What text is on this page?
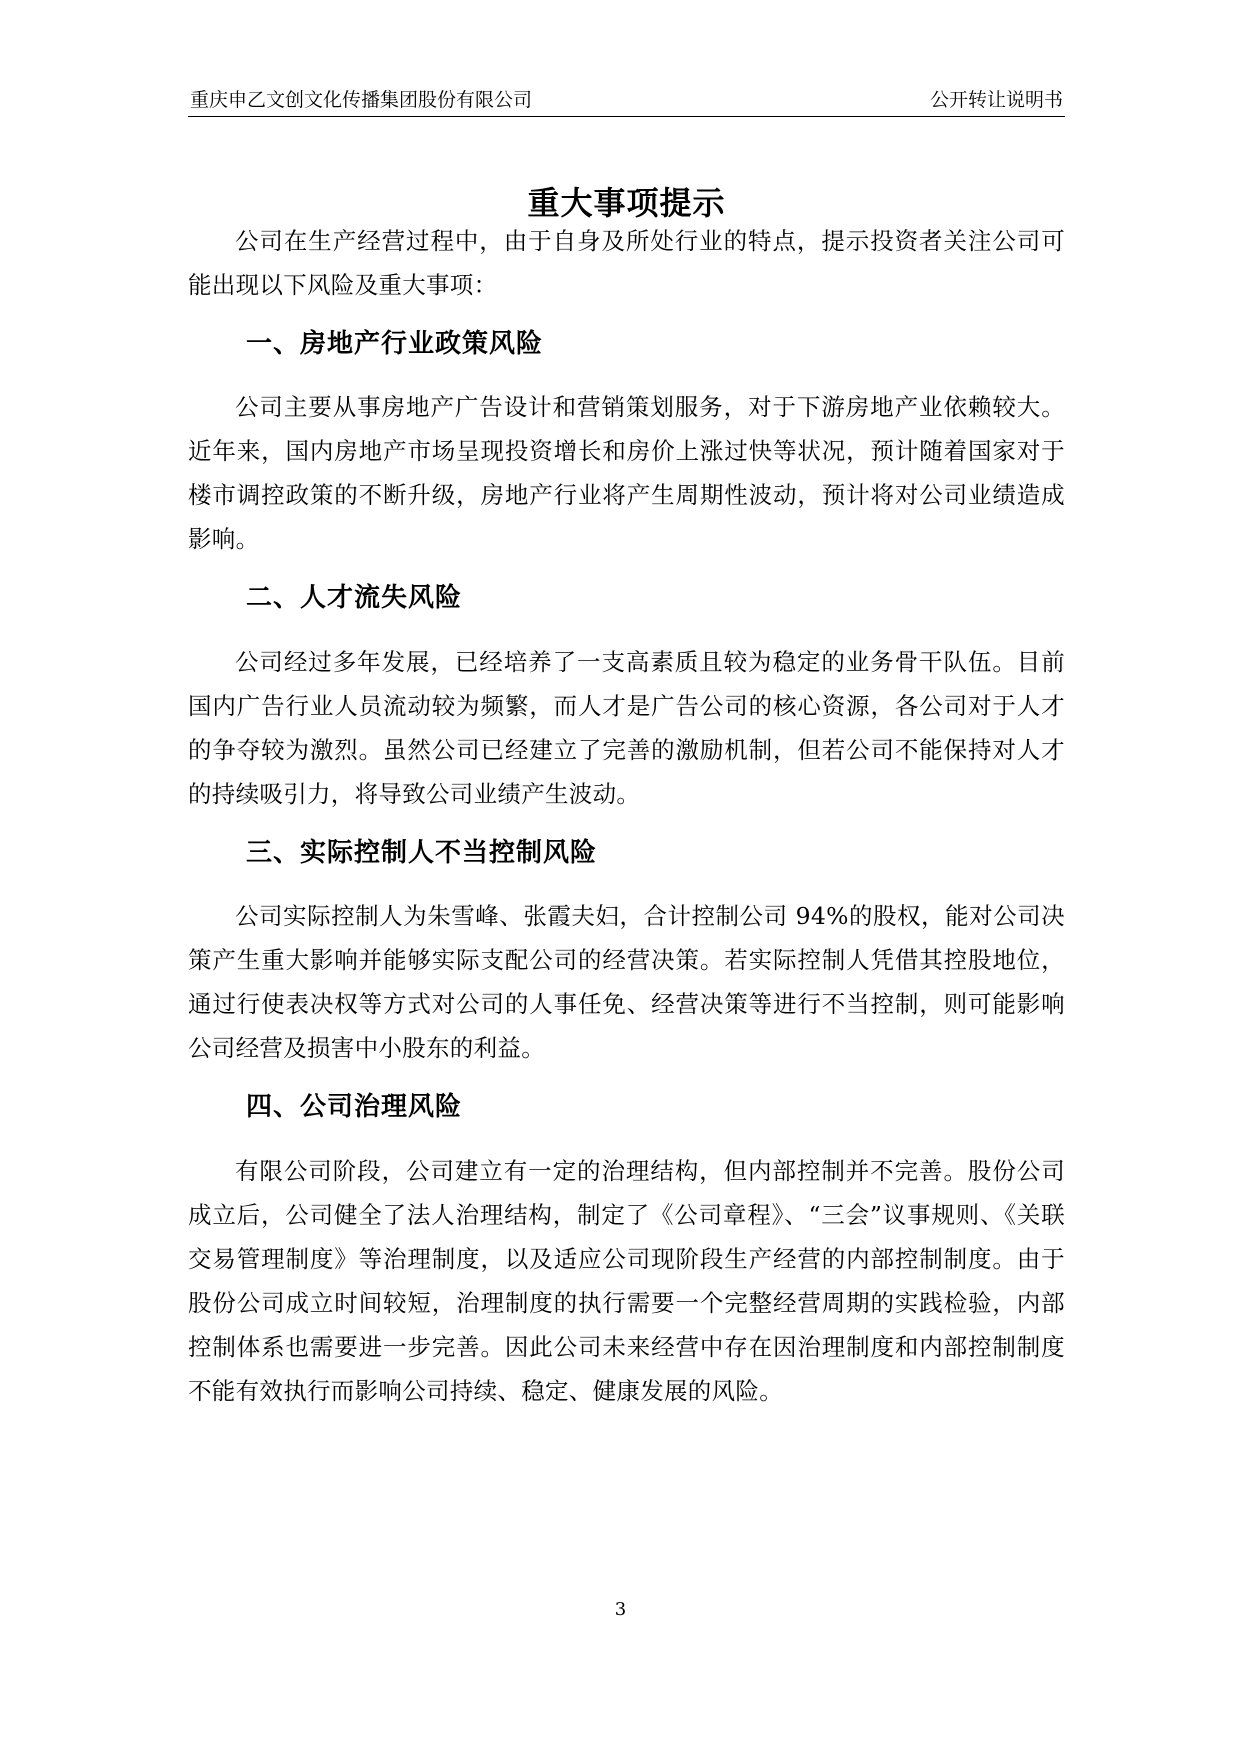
重庆申乙文创文化传播集团股份有限公司	公开转让说明书
重大事项提示

公司在生产经营过程中，由于自身及所处行业的特点，提示投资者关注公司可能出现以下风险及重大事项：

一、房地产行业政策风险

公司主要从事房地产广告设计和营销策划服务，对于下游房地产业依赖较大。近年来，国内房地产市场呈现投资增长和房价上涨过快等状况，预计随着国家对于楼市调控政策的不断升级，房地产行业将产生周期性波动，预计将对公司业绩造成影响。

二、人才流失风险

公司经过多年发展，已经培养了一支高素质且较为稳定的业务骨干队伍。目前国内广告行业人员流动较为频繁，而人才是广告公司的核心资源，各公司对于人才的争夺较为激烈。虽然公司已经建立了完善的激励机制，但若公司不能保持对人才的持续吸引力，将导致公司业绩产生波动。

三、实际控制人不当控制风险

公司实际控制人为朱雪峰、张霞夫妇，合计控制公司 94%的股权，能对公司决策产生重大影响并能够实际支配公司的经营决策。若实际控制人凭借其控股地位，通过行使表决权等方式对公司的人事任免、经营决策等进行不当控制，则可能影响公司经营及损害中小股东的利益。

四、公司治理风险

有限公司阶段，公司建立有一定的治理结构，但内部控制并不完善。股份公司成立后，公司健全了法人治理结构，制定了《公司章程》、“三会”议事规则、《关联交易管理制度》等治理制度，以及适应公司现阶段生产经营的内部控制制度。由于股份公司成立时间较短，治理制度的执行需要一个完整经营周期的实践检验，内部控制体系也需要进一步完善。因此公司未来经营中存在因治理制度和内部控制制度不能有效执行而影响公司持续、稳定、健康发展的风险。

3
